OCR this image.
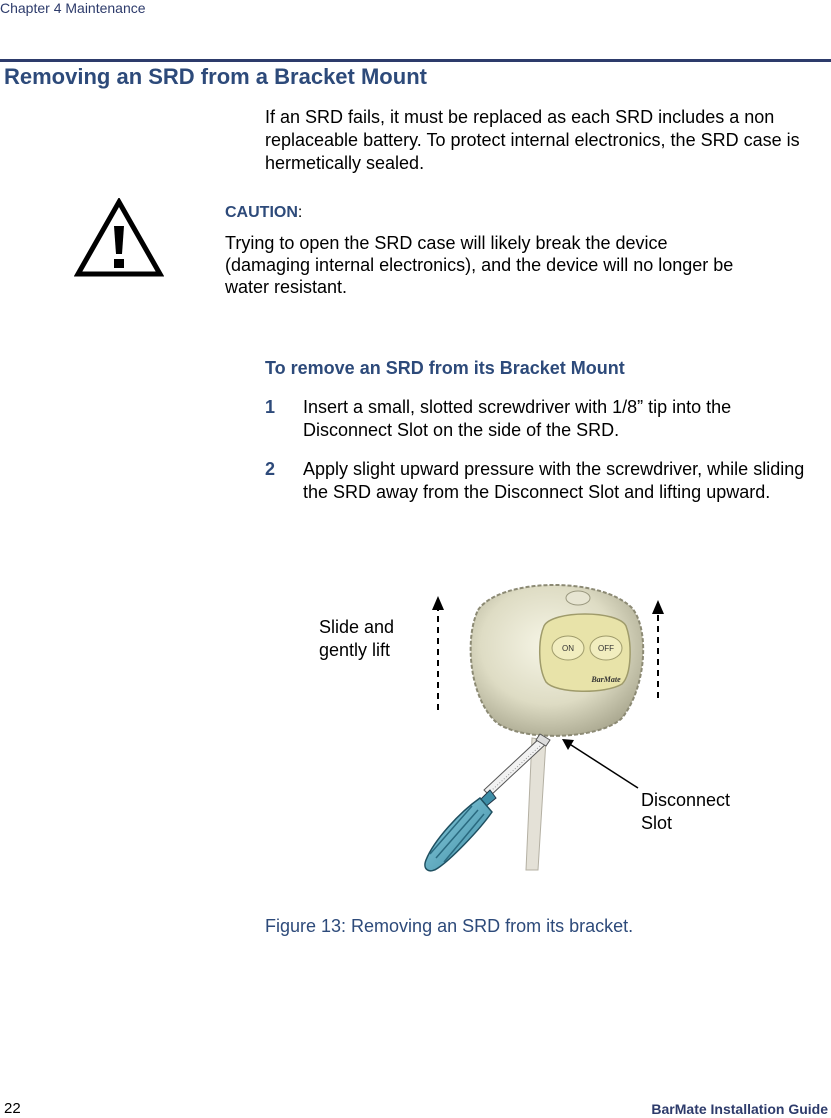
Chapter 4 Maintenance
Removing an SRD from a Bracket Mount
If an SRD fails, it must be replaced as each SRD includes a non replaceable battery. To protect internal electronics, the SRD case is hermetically sealed.
CAUTION:
Trying to open the SRD case will likely break the device (damaging internal electronics), and the device will no longer be water resistant.
To remove an SRD from its Bracket Mount
1 Insert a small, slotted screwdriver with 1/8” tip into the Disconnect Slot on the side of the SRD.
2 Apply slight upward pressure with the screwdriver, while sliding the SRD away from the Disconnect Slot and lifting upward.
ON	OFF
BarMate
Slide and
gently lift
Disconnect
Slot
Figure 13: Removing an SRD from its bracket.
22	BarMate Installation Guide
